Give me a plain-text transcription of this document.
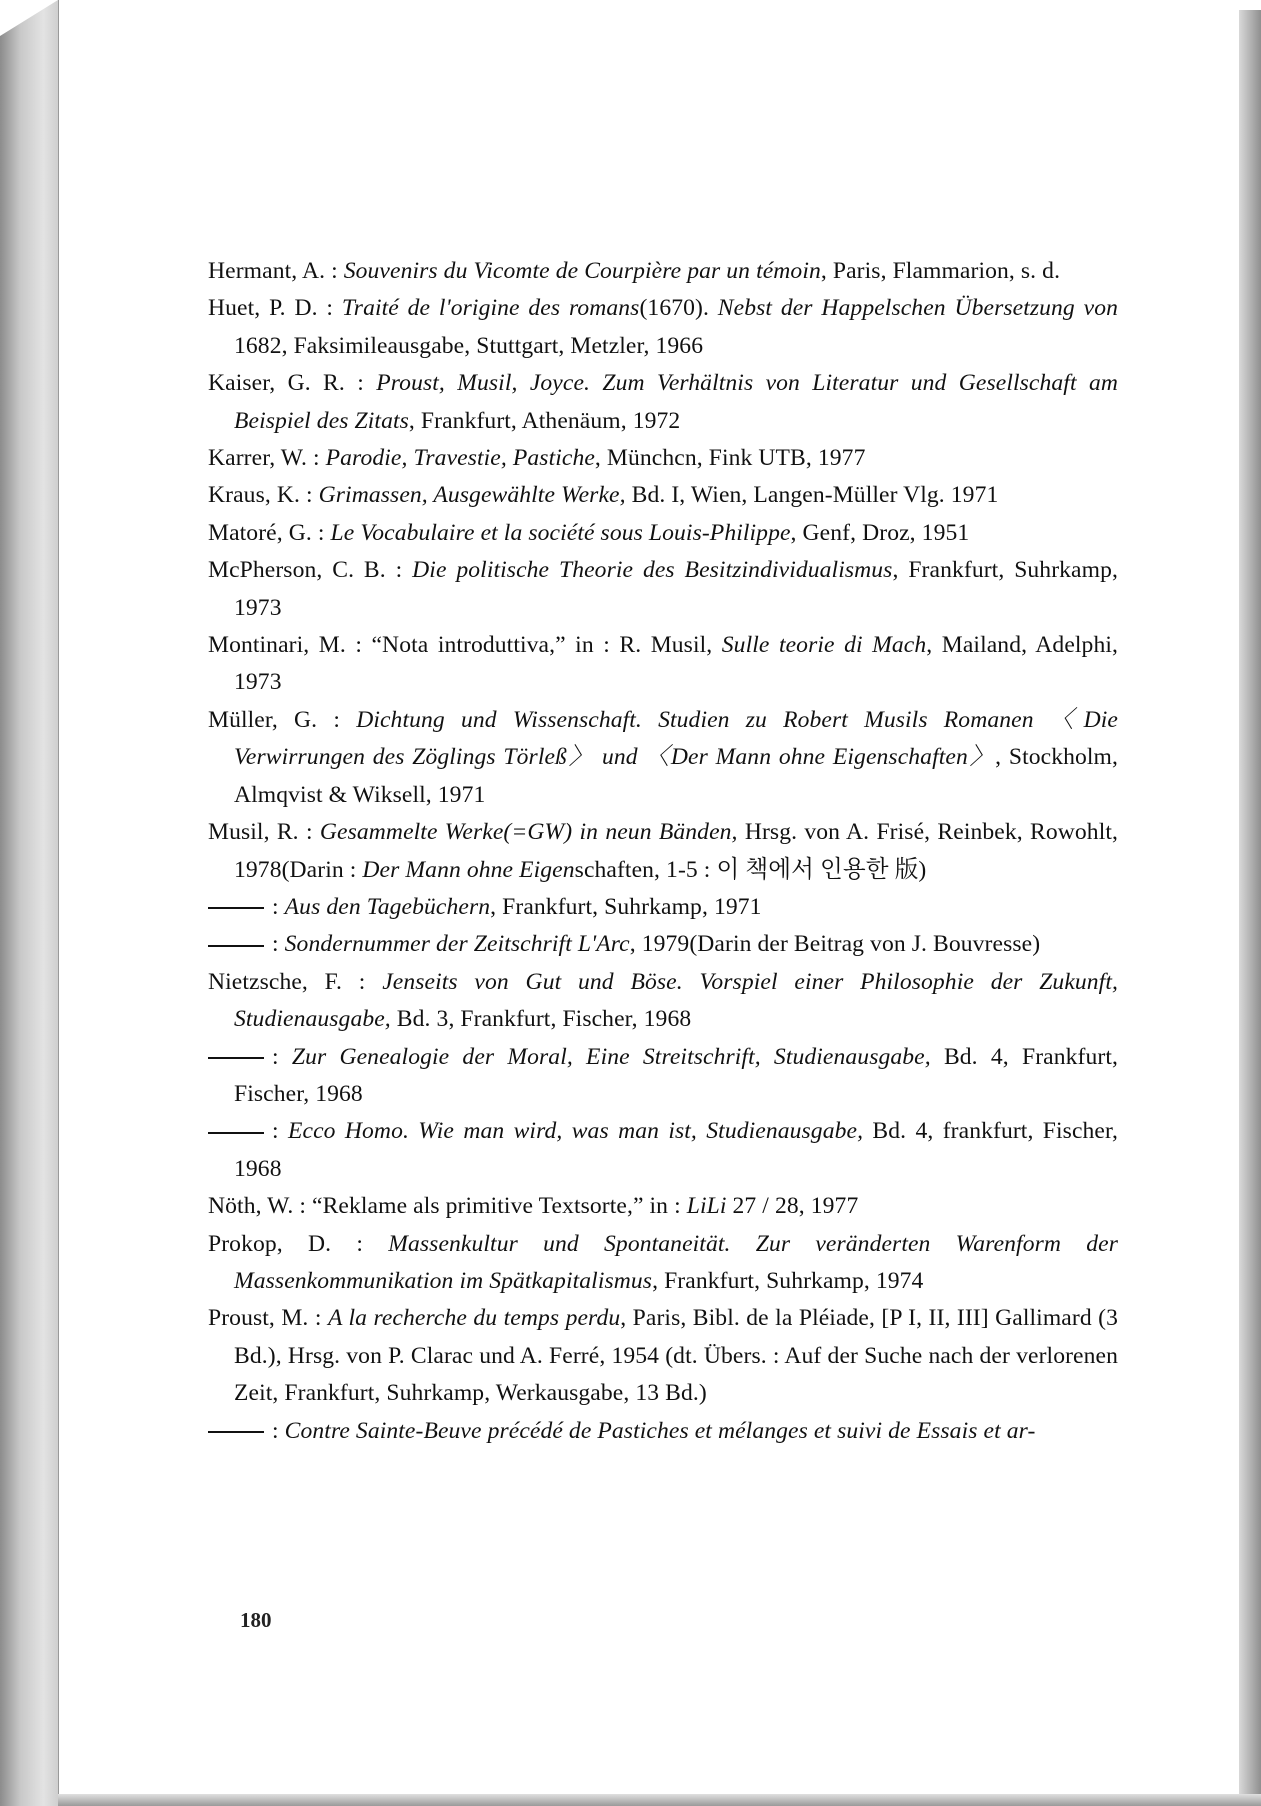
Hermant, A. : Souvenirs du Vicomte de Courpière par un témoin, Paris, Flammarion, s. d.
Huet, P. D. : Traité de l'origine des romans(1670). Nebst der Happelschen Übersetzung von 1682, Faksimileausgabe, Stuttgart, Metzler, 1966
Kaiser, G. R. : Proust, Musil, Joyce. Zum Verhältnis von Literatur und Gesellschaft am Beispiel des Zitats, Frankfurt, Athenäum, 1972
Karrer, W. : Parodie, Travestie, Pastiche, Münchcn, Fink UTB, 1977
Kraus, K. : Grimassen, Ausgewählte Werke, Bd. I, Wien, Langen-Müller Vlg. 1971
Matoré, G. : Le Vocabulaire et la société sous Louis-Philippe, Genf, Droz, 1951
McPherson, C. B. : Die politische Theorie des Besitzindividualismus, Frankfurt, Suhrkamp, 1973
Montinari, M. : “Nota introduttiva,” in : R. Musil, Sulle teorie di Mach, Mailand, Adelphi, 1973
Müller, G. : Dichtung und Wissenschaft. Studien zu Robert Musils Romanen 〈Die Verwirrungen des Zöglings Törleß〉 und 〈Der Mann ohne Eigenschaften〉, Stockholm, Almqvist & Wiksell, 1971
Musil, R. : Gesammelte Werke(=GW) in neun Bänden, Hrsg. von A. Frisé, Reinbek, Rowohlt, 1978(Darin : Der Mann ohne Eigenschaften, 1-5 : 이 책에서 인용한 版)
: Aus den Tagebüchern, Frankfurt, Suhrkamp, 1971
: Sondernummer der Zeitschrift L'Arc, 1979(Darin der Beitrag von J. Bouvresse)
Nietzsche, F. : Jenseits von Gut und Böse. Vorspiel einer Philosophie der Zukunft, Studienausgabe, Bd. 3, Frankfurt, Fischer, 1968
: Zur Genealogie der Moral, Eine Streitschrift, Studienausgabe, Bd. 4, Frankfurt, Fischer, 1968
: Ecco Homo. Wie man wird, was man ist, Studienausgabe, Bd. 4, frankfurt, Fischer, 1968
Nöth, W. : “Reklame als primitive Textsorte,” in : LiLi 27 / 28, 1977
Prokop, D. : Massenkultur und Spontaneität. Zur veränderten Warenform der Massenkommunikation im Spätkapitalismus, Frankfurt, Suhrkamp, 1974
Proust, M. : A la recherche du temps perdu, Paris, Bibl. de la Pléiade, [P I, II, III] Gallimard (3 Bd.), Hrsg. von P. Clarac und A. Ferré, 1954 (dt. Übers. : Auf der Suche nach der verlorenen Zeit, Frankfurt, Suhrkamp, Werkausgabe, 13 Bd.)
: Contre Sainte-Beuve précédé de Pastiches et mélanges et suivi de Essais et ar-
180
